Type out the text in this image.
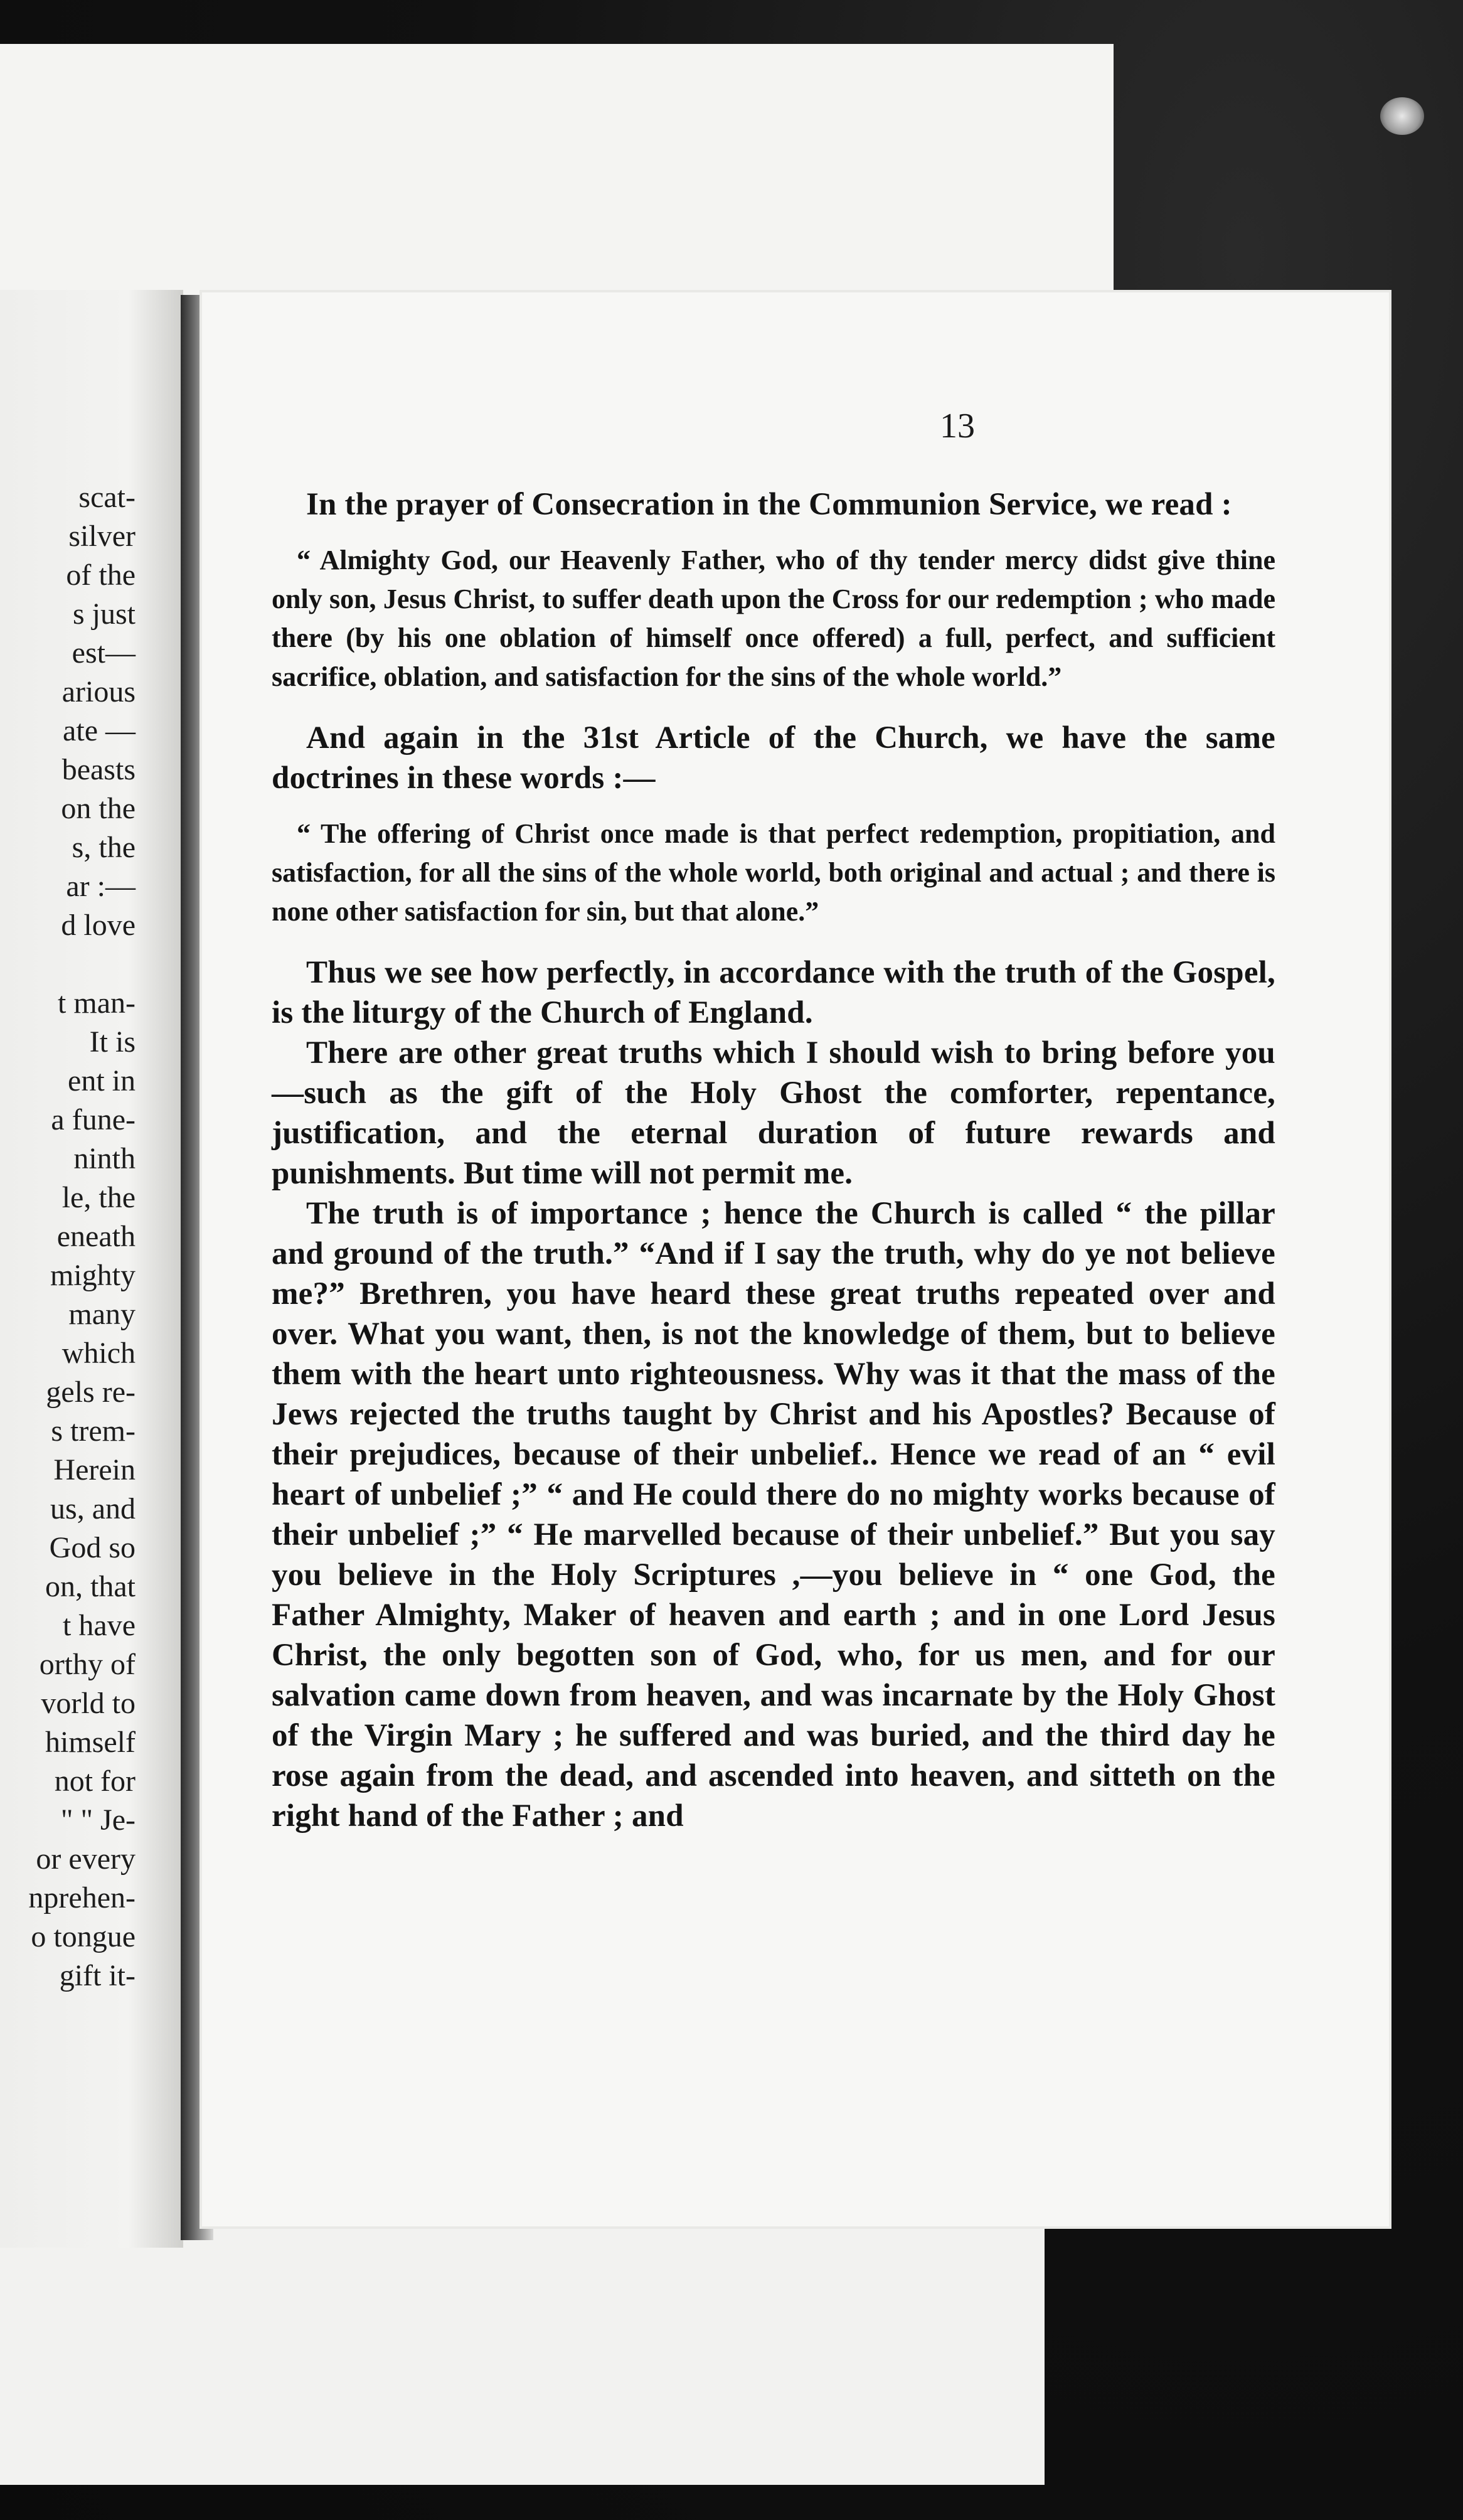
scat-
silver
of the
s just
est—
arious
ate —
beasts
on the
s, the
ar :—
d love
t man-
It is
ent in
a fune-
ninth
le, the
eneath
mighty
many
which
gels re-
s trem-
Herein
us, and
God so
on, that
t have
orthy of
vorld to
himself
not for
" " Je-
or every
nprehen-
o tongue
gift it-
13

In the prayer of Consecration in the Communion Service, we read :

“ Almighty God, our Heavenly Father, who of thy tender mercy didst give thine only son, Jesus Christ, to suffer death upon the Cross for our redemption ; who made there (by his one oblation of himself once offered) a full, perfect, and sufficient sacrifice, oblation, and satisfaction for the sins of the whole world.”

And again in the 31st Article of the Church, we have the same doctrines in these words :—

“ The offering of Christ once made is that perfect redemption, propitiation, and satisfaction, for all the sins of the whole world, both original and actual ; and there is none other satisfaction for sin, but that alone.”

Thus we see how perfectly, in accordance with the truth of the Gospel, is the liturgy of the Church of England.

There are other great truths which I should wish to bring before you—such as the gift of the Holy Ghost the comforter, repentance, justification, and the eternal duration of future rewards and punishments. But time will not permit me.

The truth is of importance ; hence the Church is called “ the pillar and ground of the truth.” “And if I say the truth, why do ye not believe me?” Brethren, you have heard these great truths repeated over and over. What you want, then, is not the knowledge of them, but to believe them with the heart unto righteousness. Why was it that the mass of the Jews rejected the truths taught by Christ and his Apostles? Because of their prejudices, because of their unbelief.. Hence we read of an “ evil heart of unbelief ;” “ and He could there do no mighty works because of their unbelief ;” “ He marvelled because of their unbelief.” But you say you believe in the Holy Scriptures ,—you believe in “ one God, the Father Almighty, Maker of heaven and earth ; and in one Lord Jesus Christ, the only begotten son of God, who, for us men, and for our salvation came down from heaven, and was incarnate by the Holy Ghost of the Virgin Mary ; he suffered and was buried, and the third day he rose again from the dead, and ascended into heaven, and sitteth on the right hand of the Father ; and
